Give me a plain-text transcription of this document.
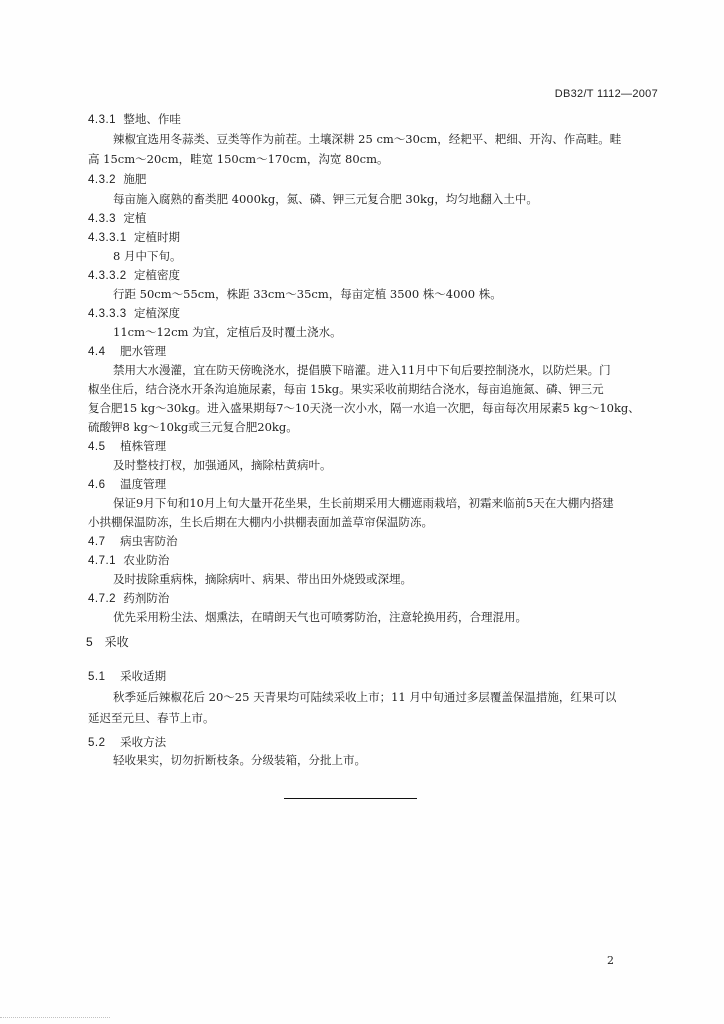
DB32/T 1112—2007
4.3.1 整地、作哇
辣椒宜选用冬蒜类、豆类等作为前茬。土壤深耕 25 cm～30cm，经耙平、耙细、开沟、作高畦。畦
高 15cm～20cm，畦宽 150cm～170cm，沟宽 80cm。
4.3.2 施肥
每亩施入腐熟的畜类肥 4000kg，氮、磷、钾三元复合肥 30kg，均匀地翻入土中。
4.3.3 定植
4.3.3.1 定植时期
8 月中下旬。
4.3.3.2 定植密度
行距 50cm～55cm，株距 33cm～35cm，每亩定植 3500 株～4000 株。
4.3.3.3 定植深度
11cm～12cm 为宜，定植后及时覆土浇水。
4.4 肥水管理
禁用大水漫灌，宜在防天傍晚浇水，提倡膜下暗灌。进入11月中下旬后要控制浇水，以防烂果。门
椒坐住后，结合浇水开条沟追施尿素，每亩 15kg。果实采收前期结合浇水，每亩追施氮、磷、钾三元
复合肥15 kg～30kg。进入盛果期每7～10天浇一次小水，隔一水追一次肥，每亩每次用尿素5 kg～10kg、
硫酸钾8 kg～10kg或三元复合肥20kg。
4.5 植株管理
及时整枝打杈，加强通风，摘除枯黄病叶。
4.6 温度管理
保证9月下旬和10月上旬大量开花坐果，生长前期采用大棚遮雨栽培，初霜来临前5天在大棚内搭建
小拱棚保温防冻，生长后期在大棚内小拱棚表面加盖草帘保温防冻。
4.7 病虫害防治
4.7.1 农业防治
及时拔除重病株，摘除病叶、病果、带出田外烧毁或深埋。
4.7.2 药剂防治
优先采用粉尘法、烟熏法，在晴朗天气也可喷雾防治，注意轮换用药，合理混用。
5 采收
5.1 采收适期
秋季延后辣椒花后 20～25 天青果均可陆续采收上市；11 月中旬通过多层覆盖保温措施，红果可以
延迟至元旦、春节上市。
5.2 采收方法
轻收果实，切勿折断枝条。分级装箱，分批上市。
2
